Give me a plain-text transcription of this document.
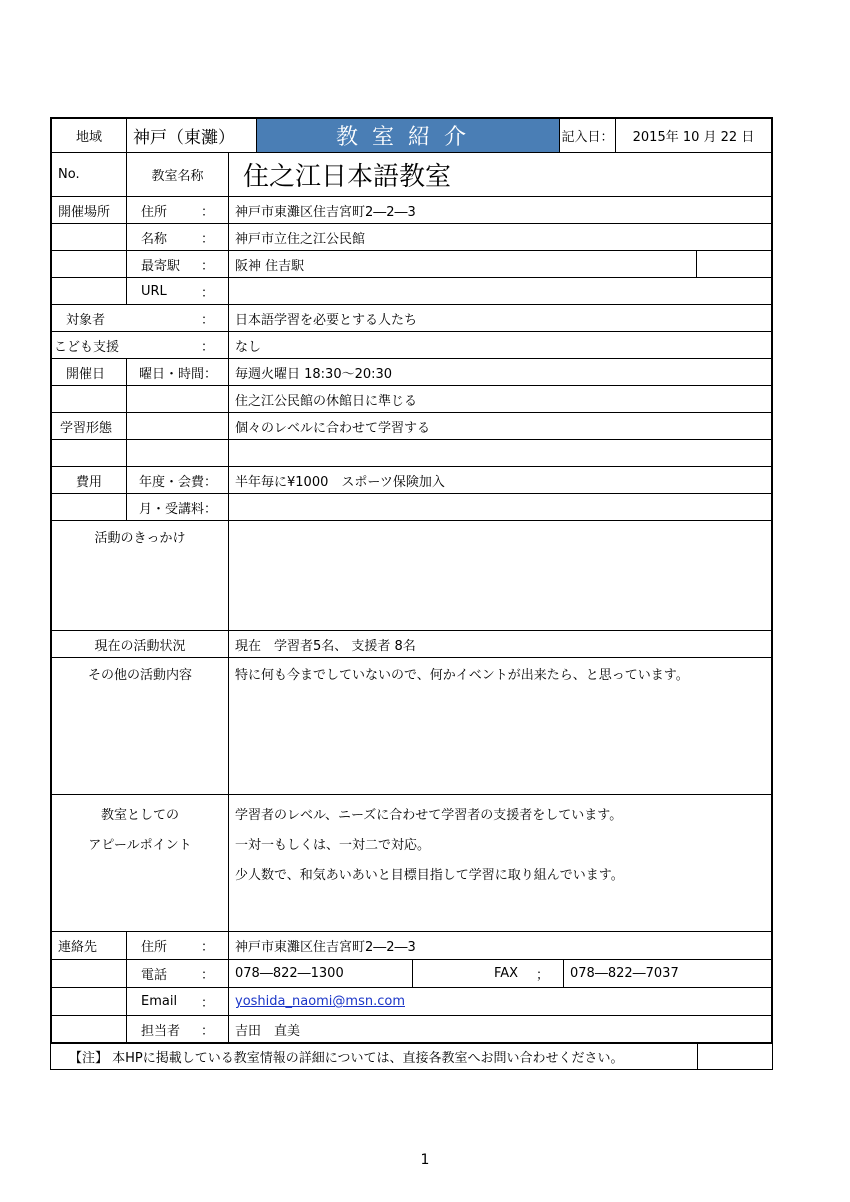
地域	神戸（東灘）	教室紹介	記入日：	2015年 10 月 22 日
No.	教室名称	住之江日本語教室
開催場所	住所	：	神戸市東灘区住吉宮町2―2―3
名称	：	神戸市立住之江公民館
最寄駅 ：	阪神 住吉駅
URL	：
対象者	：	日本語学習を必要とする人たち
こども支援	：	なし
開催日	曜日・時間：	毎週火曜日 18:30～20:30
住之江公民館の休館日に準じる
学習形態	個々のレベルに合わせて学習する
費用	年度・会費：	半年毎に¥1000　スポーツ保険加入
月・受講料：
活動のきっかけ
現在の活動状況	現在　学習者5名、 支援者 8名
その他の活動内容	特に何も今までしていないので、何かイベントが出来たら、と思っています。
教室としての
アピールポイント
学習者のレベル、ニーズに合わせて学習者の支援者をしています。
一対一もしくは、一対二で対応。
少人数で、和気あいあいと目標目指して学習に取り組んでいます。
連絡先	住所	：	神戸市東灘区住吉宮町2―2―3
電話	：	078―822―1300	FAX ；	078―822―7037
Email ：	yoshida_naomi@msn.com
担当者 ：	吉田　直美
【注】 本HPに掲載している教室情報の詳細については、直接各教室へお問い合わせください。
1
